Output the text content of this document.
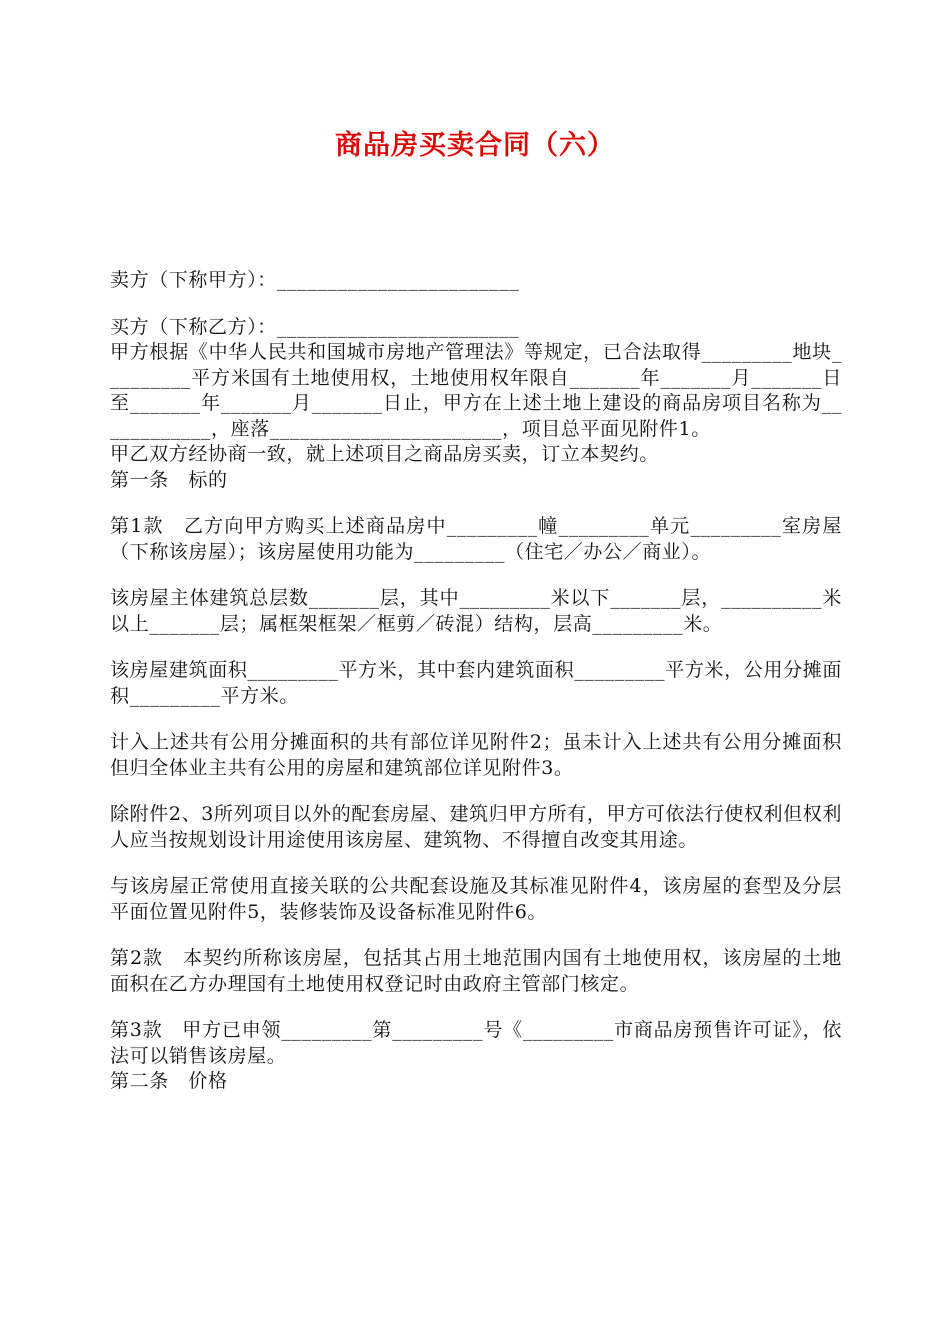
商品房买卖合同（六）

卖方（下称甲方）：________________________

买方（下称乙方）：________________________

甲方根据《中华人民共和国城市房地产管理法》等规定，已合法取得_________地块_________平方米国有土地使用权，土地使用权年限自_______年_______月_______日至_______年_______月_______日止，甲方在上述土地上建设的商品房项目名称为____________，座落_______________________，项目总平面见附件1。

甲乙双方经协商一致，就上述项目之商品房买卖，订立本契约。

第一条　标的

第1款　乙方向甲方购买上述商品房中_________幢_________单元_________室房屋（下称该房屋）；该房屋使用功能为_________（住宅／办公／商业）。

该房屋主体建筑总层数_______层，其中_________米以下_______层，__________米以上_______层；属框架框架／框剪／砖混）结构，层高_________米。

该房屋建筑面积_________平方米，其中套内建筑面积_________平方米，公用分摊面积_________平方米。

计入上述共有公用分摊面积的共有部位详见附件2；虽未计入上述共有公用分摊面积但归全体业主共有公用的房屋和建筑部位详见附件3。

除附件2、3所列项目以外的配套房屋、建筑归甲方所有，甲方可依法行使权利但权利人应当按规划设计用途使用该房屋、建筑物、不得擅自改变其用途。

与该房屋正常使用直接关联的公共配套设施及其标准见附件4，该房屋的套型及分层平面位置见附件5，装修装饰及设备标准见附件6。

第2款　本契约所称该房屋，包括其占用土地范围内国有土地使用权，该房屋的土地面积在乙方办理国有土地使用权登记时由政府主管部门核定。

第3款　甲方已申领_________第_________号《_________市商品房预售许可证》，依法可以销售该房屋。

第二条　价格
